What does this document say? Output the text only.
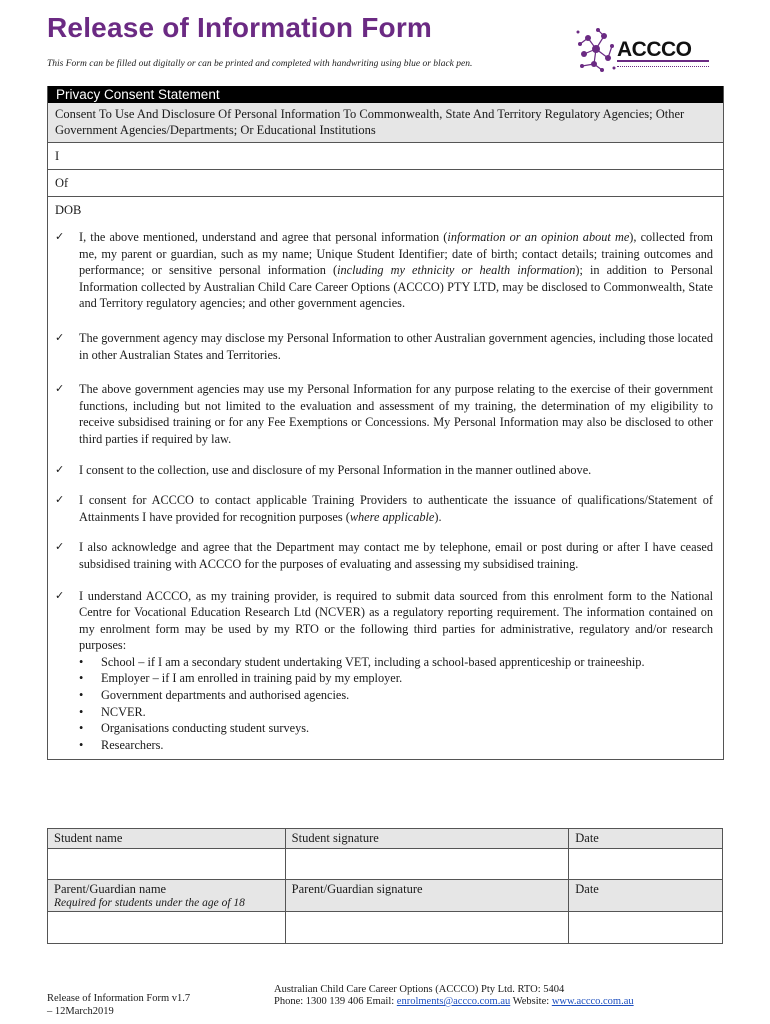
Release of Information Form
This Form can be filled out digitally or can be printed and completed with handwriting using blue or black pen.
ACCCO
Privacy Consent Statement
Consent To Use And Disclosure Of Personal Information To Commonwealth, State And Territory Regulatory Agencies; Other Government Agencies/Departments; Or Educational Institutions
I
Of
DOB
✓	I, the above mentioned, understand and agree that personal information (information or an opinion about me), collected from me, my parent or guardian, such as my name; Unique Student Identifier; date of birth; contact details; training outcomes and performance; or sensitive personal information (including my ethnicity or health information); in addition to Personal Information collected by Australian Child Care Career Options (ACCCO) PTY LTD, may be disclosed to Commonwealth, State and Territory regulatory agencies; and other government agencies.
✓	The government agency may disclose my Personal Information to other Australian government agencies, including those located in other Australian States and Territories.
✓	The above government agencies may use my Personal Information for any purpose relating to the exercise of their government functions, including but not limited to the evaluation and assessment of my training, the determination of my eligibility to receive subsidised training or for any Fee Exemptions or Concessions. My Personal Information may also be disclosed to other third parties if required by law.
✓	I consent to the collection, use and disclosure of my Personal Information in the manner outlined above.
✓	I consent for ACCCO to contact applicable Training Providers to authenticate the issuance of qualifications/Statement of Attainments I have provided for recognition purposes (where applicable).
✓	I also acknowledge and agree that the Department may contact me by telephone, email or post during or after I have ceased subsidised training with ACCCO for the purposes of evaluating and assessing my subsidised training.
✓	I understand ACCCO, as my training provider, is required to submit data sourced from this enrolment form to the National Centre for Vocational Education Research Ltd (NCVER) as a regulatory reporting requirement. The information contained on my enrolment form may be used by my RTO or the following third parties for administrative, regulatory and/or research purposes:
•	School – if I am a secondary student undertaking VET, including a school-based apprenticeship or traineeship.
•	Employer – if I am enrolled in training paid by my employer.
•	Government departments and authorised agencies.
•	NCVER.
•	Organisations conducting student surveys.
•	Researchers.
Student name	Student signature	Date

Parent/Guardian name
Required for students under the age of 18	Parent/Guardian signature	Date

Release of Information Form v1.7
– 12March2019
Australian Child Care Career Options (ACCCO) Pty Ltd. RTO: 5404
Phone: 1300 139 406 Email: enrolments@accco.com.au Website: www.accco.com.au
